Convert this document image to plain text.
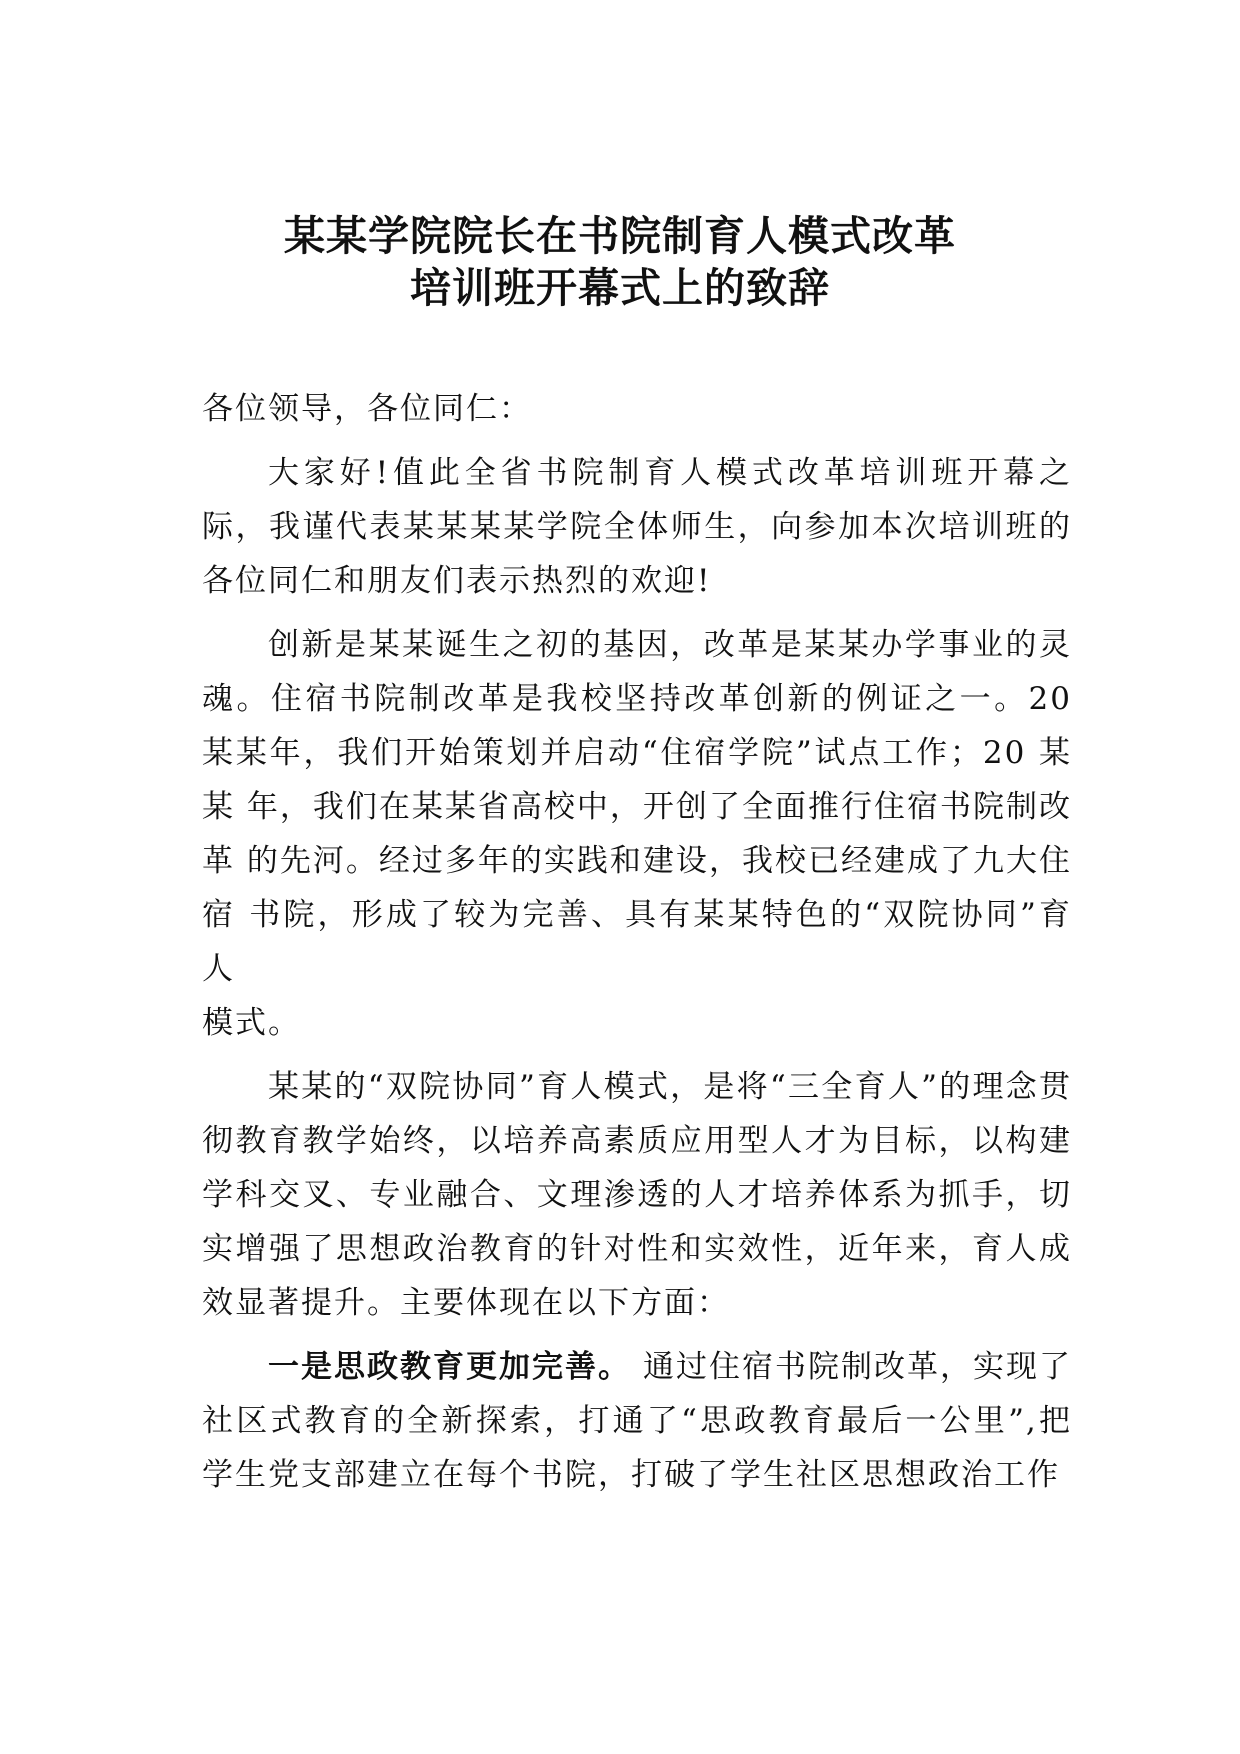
某某学院院长在书院制育人模式改革
培训班开幕式上的致辞

各位领导，各位同仁：

大家好!值此全省书院制育人模式改革培训班开幕之际，我谨代表某某某某学院全体师生，向参加本次培训班的各位同仁和朋友们表示热烈的欢迎!

创新是某某诞生之初的基因，改革是某某办学事业的灵魂。住宿书院制改革是我校坚持改革创新的例证之一。20 某某年，我们开始策划并启动“住宿学院”试点工作；20 某某 年，我们在某某省高校中，开创了全面推行住宿书院制改革 的先河。经过多年的实践和建设，我校已经建成了九大住宿 书院，形成了较为完善、具有某某特色的“双院协同”育人
模式。

某某的“双院协同”育人模式，是将“三全育人”的理念贯彻教育教学始终，以培养高素质应用型人才为目标，以构建学科交叉、专业融合、文理渗透的人才培养体系为抓手，切实增强了思想政治教育的针对性和实效性，近年来，育人成效显著提升。主要体现在以下方面：

一是思政教育更加完善。 通过住宿书院制改革，实现了社区式教育的全新探索，打通了“思政教育最后一公里”,把学生党支部建立在每个书院，打破了学生社区思想政治工作
